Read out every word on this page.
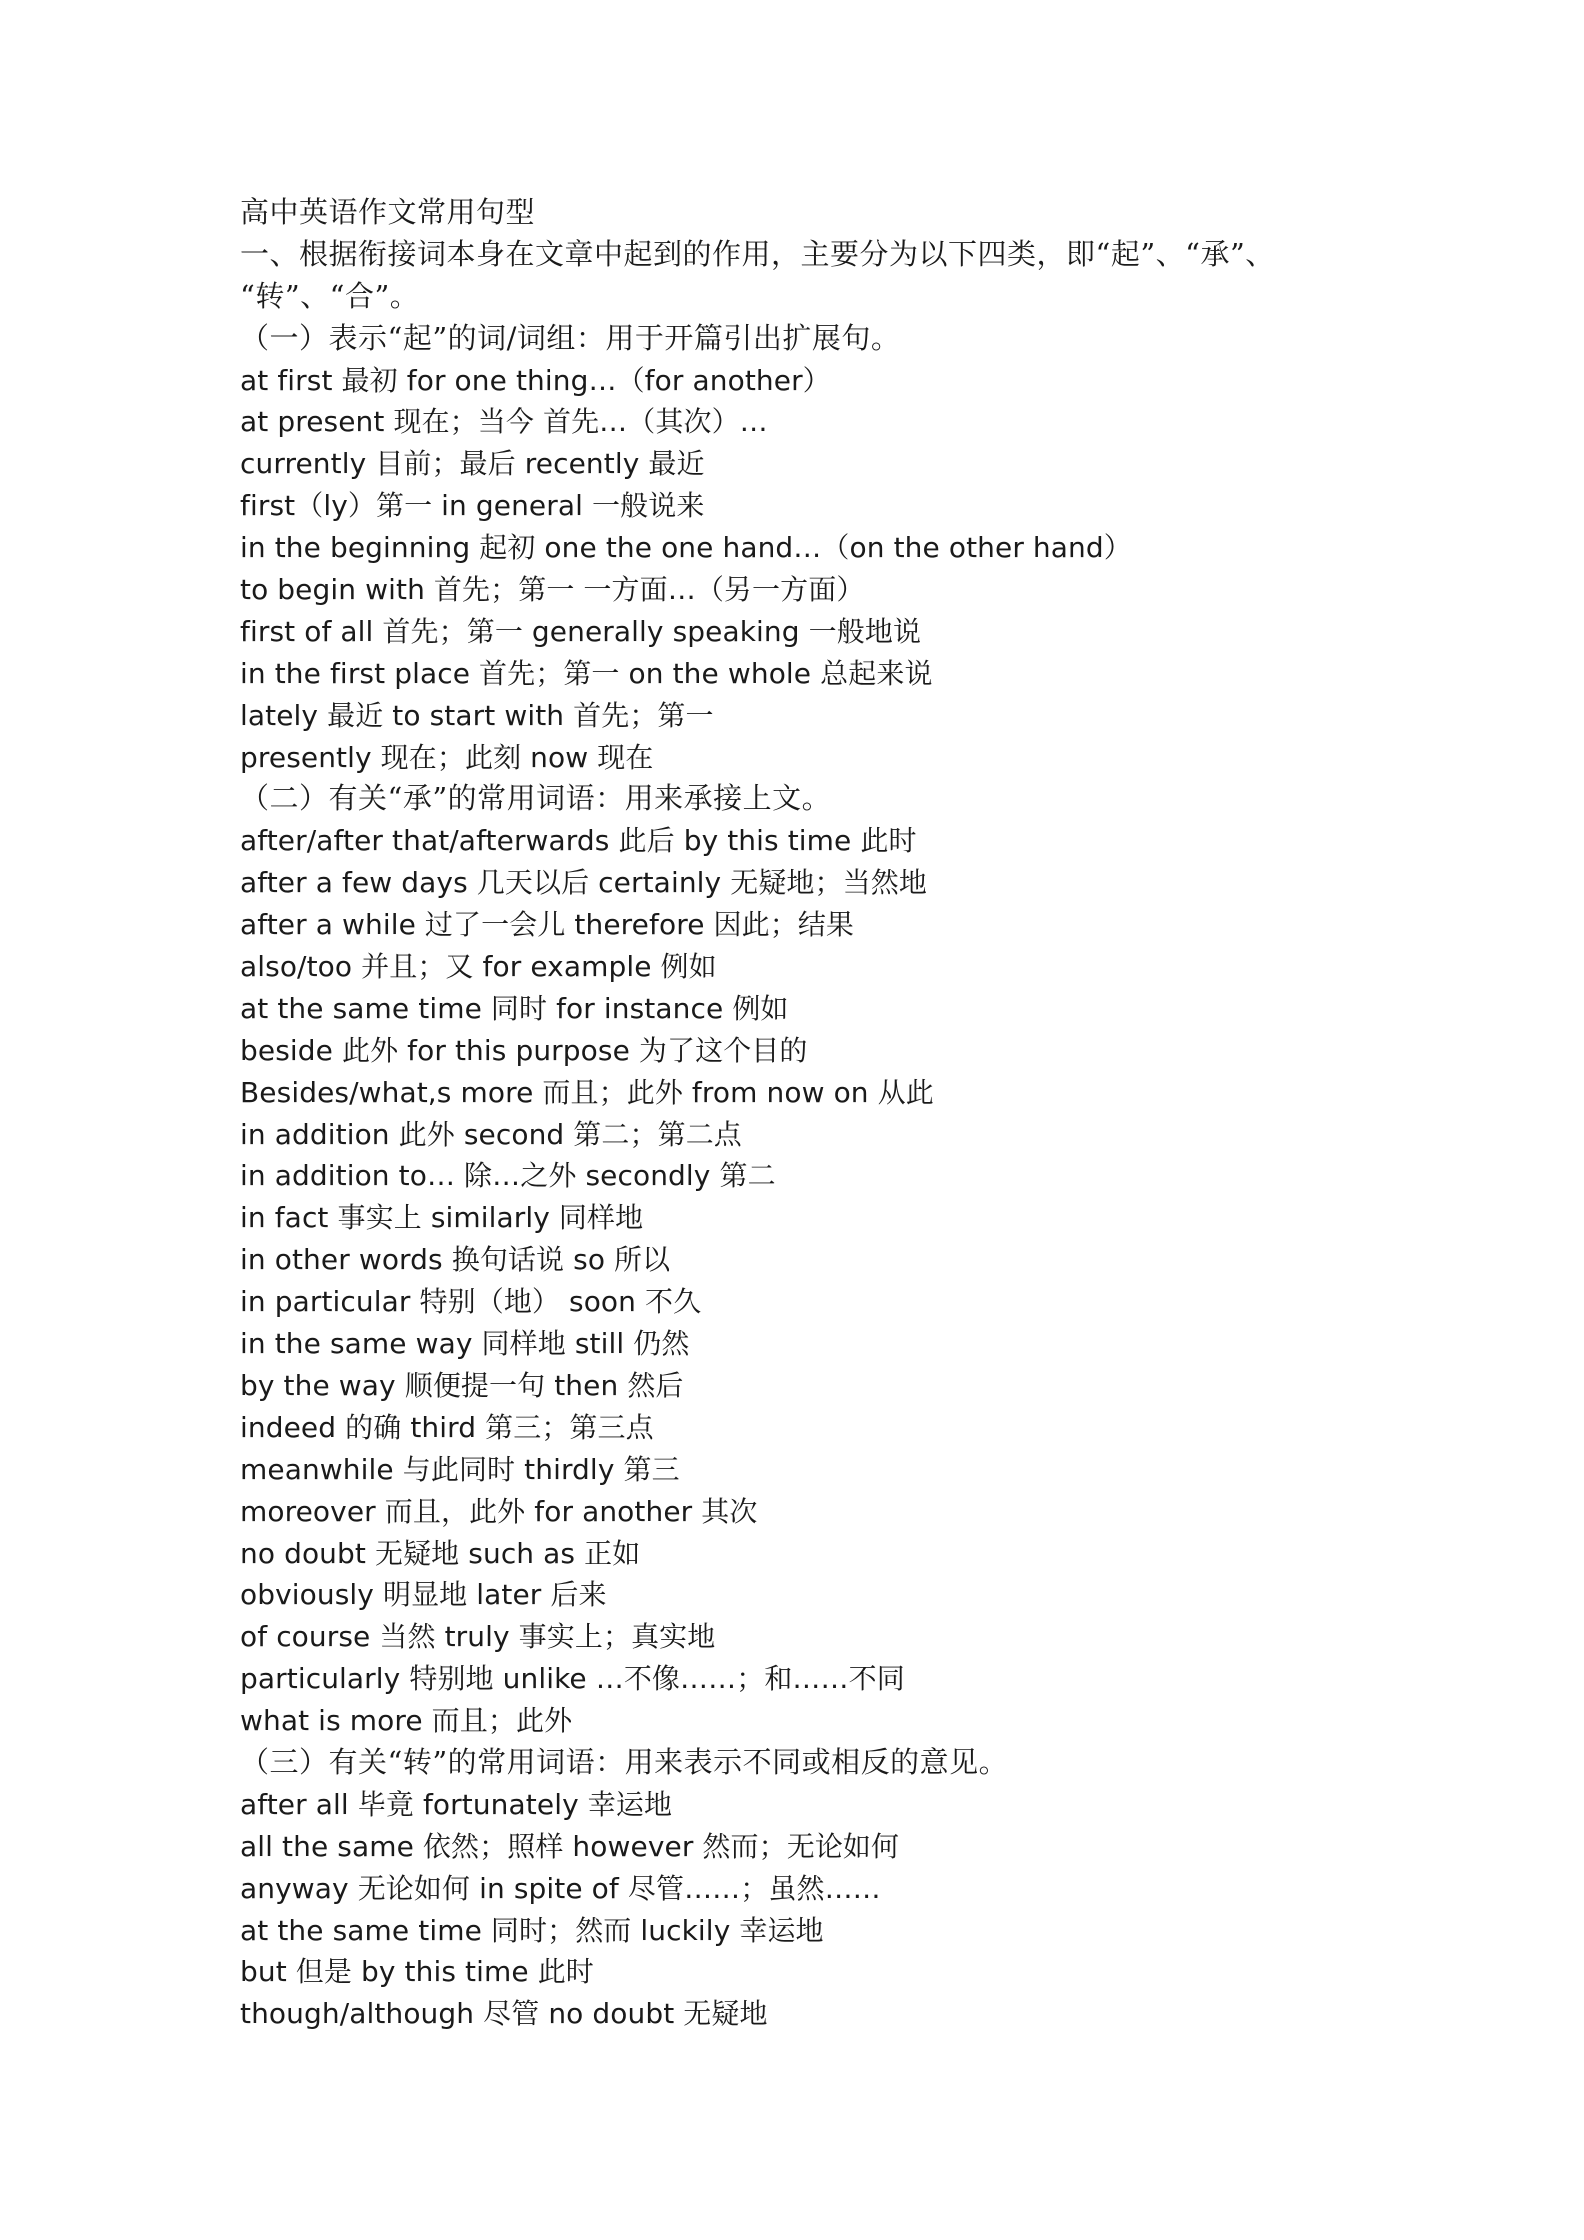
高中英语作文常用句型
一、根据衔接词本身在文章中起到的作用，主要分为以下四类，即“起”、“承”、
“转”、“合”。
（一）表示“起”的词/词组：用于开篇引出扩展句。
at first 最初 for one thing…（for another）
at present 现在；当今 首先…（其次）…
currently 目前；最后 recently 最近
first（ly）第一 in general 一般说来
in the beginning 起初 one the one hand…（on the other hand）
to begin with 首先；第一 一方面…（另一方面）
first of all 首先；第一 generally speaking 一般地说
in the first place 首先；第一 on the whole 总起来说
lately 最近 to start with 首先；第一
presently 现在；此刻 now 现在
（二）有关“承”的常用词语：用来承接上文。
after/after that/afterwards 此后 by this time 此时
after a few days 几天以后 certainly 无疑地；当然地
after a while 过了一会儿 therefore 因此；结果
also/too 并且；又 for example 例如
at the same time 同时 for instance 例如
beside 此外 for this purpose 为了这个目的
Besides/what,s more 而且；此外 from now on 从此
in addition 此外 second 第二；第二点
in addition to… 除…之外 secondly 第二
in fact 事实上 similarly 同样地
in other words 换句话说 so 所以
in particular 特别（地） soon 不久
in the same way 同样地 still 仍然
by the way 顺便提一句 then 然后
indeed 的确 third 第三；第三点
meanwhile 与此同时 thirdly 第三
moreover 而且，此外 for another 其次
no doubt 无疑地 such as 正如
obviously 明显地 later 后来
of course 当然 truly 事实上；真实地
particularly 特别地 unlike …不像……；和……不同
what is more 而且；此外
（三）有关“转”的常用词语：用来表示不同或相反的意见。
after all 毕竟 fortunately 幸运地
all the same 依然；照样 however 然而；无论如何
anyway 无论如何 in spite of 尽管……；虽然……
at the same time 同时；然而 luckily 幸运地
but 但是 by this time 此时
though/although 尽管 no doubt 无疑地
